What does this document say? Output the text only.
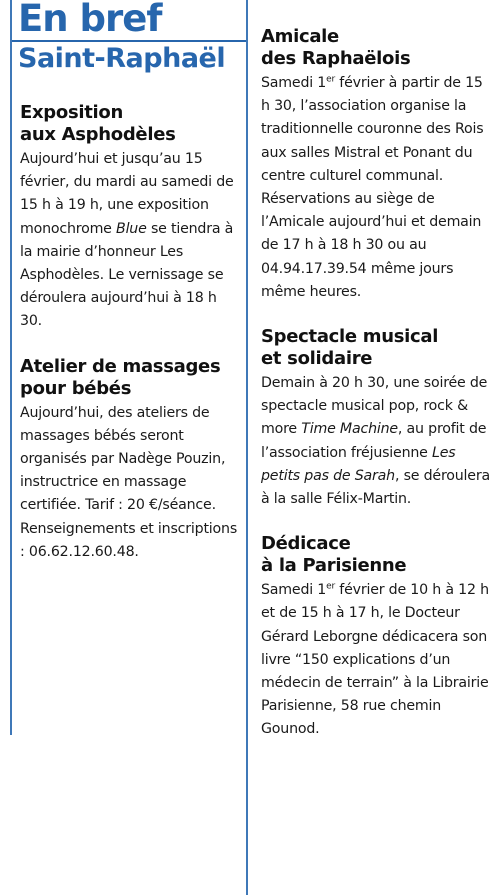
En bref
Saint-Raphaël
Exposition
aux Asphodèles

Aujourd’hui et jusqu’au 15 février, du mardi au samedi de 15 h à 19 h, une exposition monochrome Blue se tiendra à la mairie d’honneur Les Asphodèles. Le vernissage se déroulera aujourd’hui à 18 h 30.

Atelier de massages
pour bébés

Aujourd’hui, des ateliers de massages bébés seront organisés par Nadège Pouzin, instructrice en massage certifiée. Tarif : 20 €/séance. Renseignements et inscriptions : 06.62.12.60.48.

Amicale
des Raphaëlois

Samedi 1er février à partir de 15 h 30, l’association organise la traditionnelle couronne des Rois aux salles Mistral et Ponant du centre culturel communal. Réservations au siège de l’Amicale aujourd’hui et demain de 17 h à 18 h 30 ou au 04.94.17.39.54 même jours même heures.

Spectacle musical
et solidaire

Demain à 20 h 30, une soirée de spectacle musical pop, rock & more Time Machine, au profit de l’association fréjusienne Les petits pas de Sarah, se déroulera à la salle Félix-Martin.

Dédicace
à la Parisienne

Samedi 1er février de 10 h à 12 h et de 15 h à 17 h, le Docteur Gérard Leborgne dédicacera son livre “150 explications d’un médecin de terrain” à la Librairie Parisienne, 58 rue chemin Gounod.
